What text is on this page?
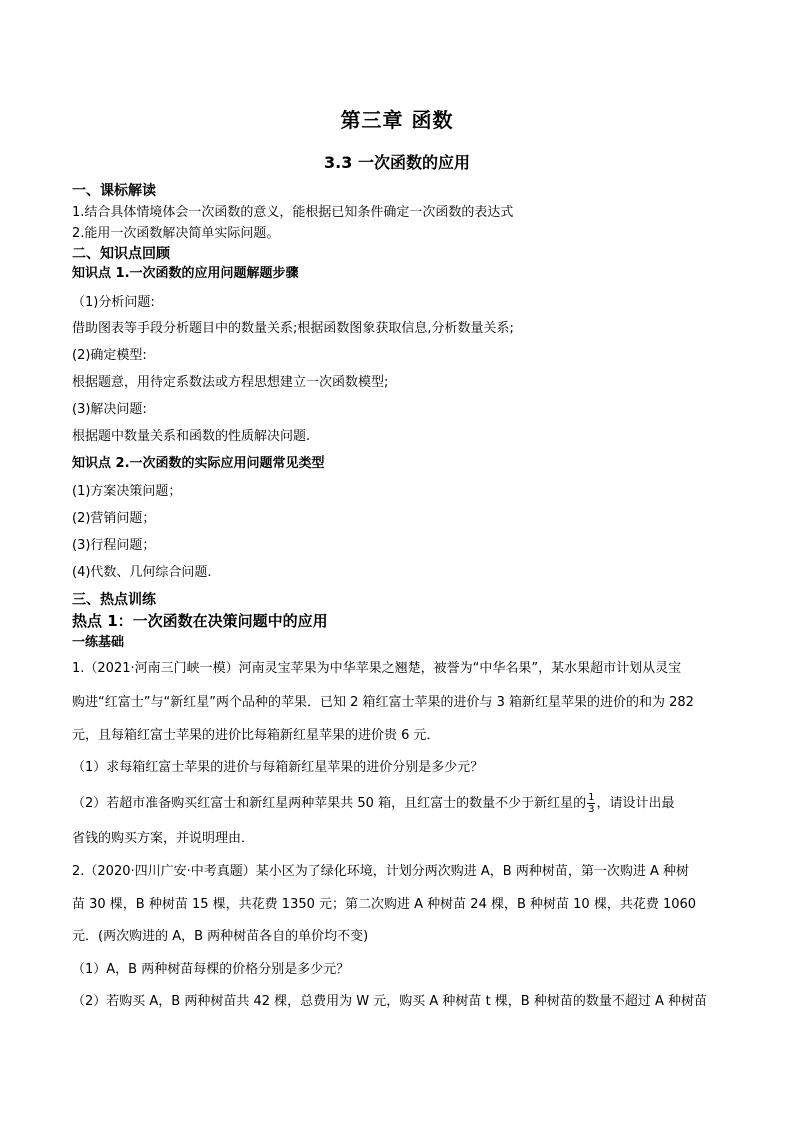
第三章 函数
3.3 一次函数的应用
一、课标解读
1.结合具体情境体会一次函数的意义，能根据已知条件确定一次函数的表达式
2.能用一次函数解决简单实际问题。
二、知识点回顾
知识点 1.一次函数的应用问题解题步骤
（1)分析问题:
借助图表等手段分析题目中的数量关系;根据函数图象获取信息,分析数量关系;
(2)确定模型:
根据题意，用待定系数法或方程思想建立一次函数模型;
(3)解决问题:
根据题中数量关系和函数的性质解决问题.
知识点 2.一次函数的实际应用问题常见类型
(1)方案决策问题；
(2)营销问题；
(3)行程问题；
(4)代数、几何综合问题.
三、热点训练
热点 1：一次函数在决策问题中的应用
一练基础
1.（2021·河南三门峡一模）河南灵宝苹果为中华苹果之翘楚，被誉为“中华名果”，某水果超市计划从灵宝
购进“红富士”与“新红星”两个品种的苹果．已知 2 箱红富士苹果的进价与 3 箱新红星苹果的进价的和为 282
元，且每箱红富士苹果的进价比每箱新红星苹果的进价贵 6 元．
（1）求每箱红富士苹果的进价与每箱新红星苹果的进价分别是多少元？
（2）若超市准备购买红富士和新红星两种苹果共 50 箱，且红富士的数量不少于新红星的 $\frac{1}{3}$ ，请设计出最
省钱的购买方案，并说明理由．
2.（2020·四川广安·中考真题）某小区为了绿化环境，计划分两次购进 A，B 两种树苗，第一次购进 A 种树
苗 30 棵，B 种树苗 15 棵，共花费 1350 元；第二次购进 A 种树苗 24 棵，B 种树苗 10 棵，共花费 1060
元．(两次购进的 A，B 两种树苗各自的单价均不变)
（1）A，B 两种树苗每棵的价格分别是多少元？
（2）若购买 A，B 两种树苗共 42 棵，总费用为 W 元，购买 A 种树苗 t 棵，B 种树苗的数量不超过 A 种树苗
